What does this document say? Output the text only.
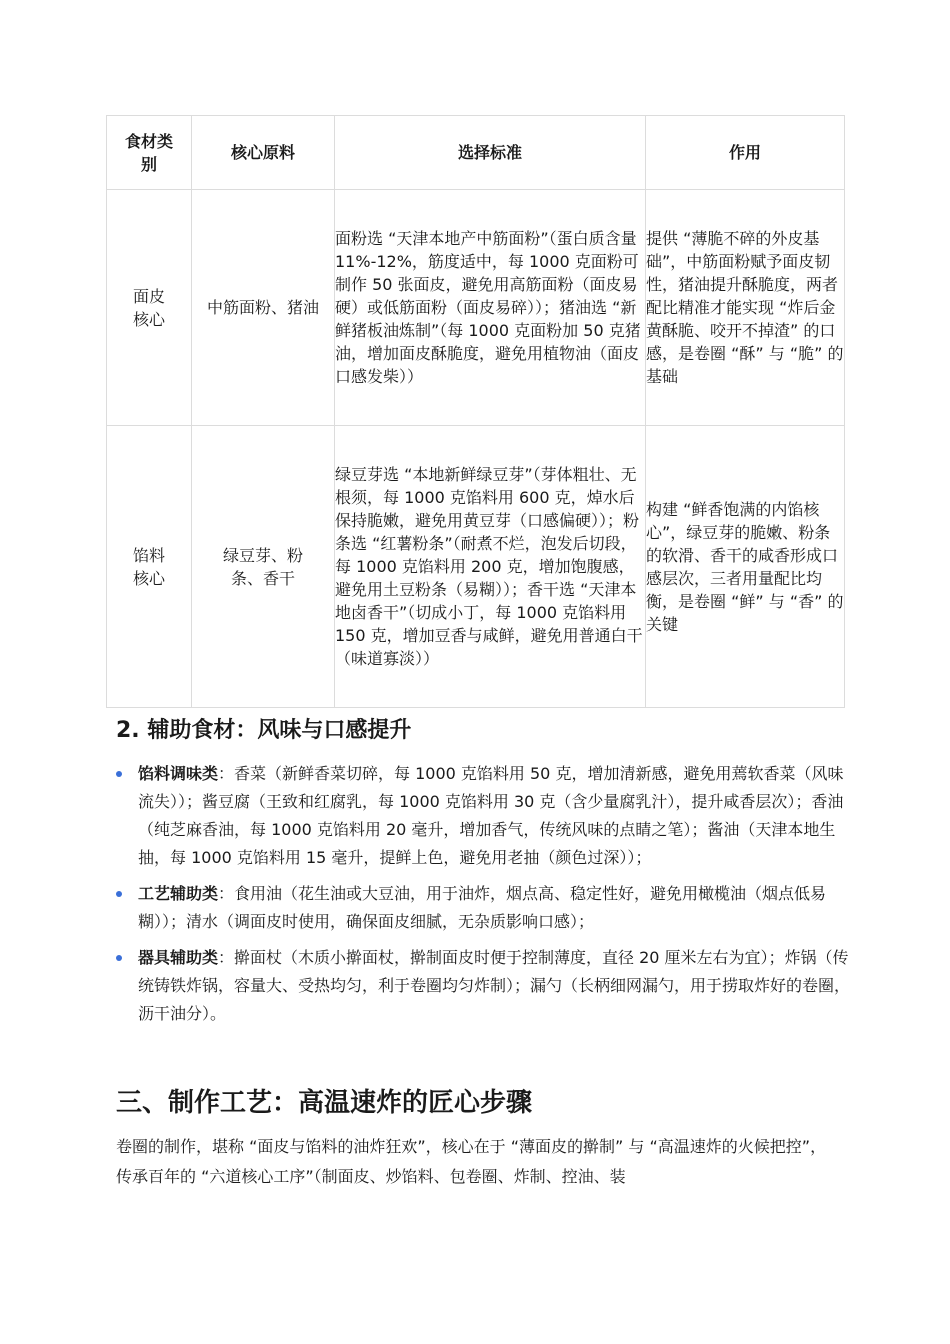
食材类别	核心原料	选择标准	作用
面皮核心	中筋面粉、猪油	面粉选 “天津本地产中筋面粉”（蛋白质含量 11%-12%，筋度适中，每 1000 克面粉可制作 50 张面皮，避免用高筋面粉（面皮易硬）或低筋面粉（面皮易碎））；猪油选 “新鲜猪板油炼制”（每 1000 克面粉加 50 克猪油，增加面皮酥脆度，避免用植物油（面皮口感发柴））	提供 “薄脆不碎的外皮基础”，中筋面粉赋予面皮韧性，猪油提升酥脆度，两者配比精准才能实现 “炸后金黄酥脆、咬开不掉渣” 的口感，是卷圈 “酥” 与 “脆” 的基础
馅料核心	绿豆芽、粉条、香干	绿豆芽选 “本地新鲜绿豆芽”（芽体粗壮、无根须，每 1000 克馅料用 600 克，焯水后保持脆嫩，避免用黄豆芽（口感偏硬））；粉条选 “红薯粉条”（耐煮不烂，泡发后切段，每 1000 克馅料用 200 克，增加饱腹感，避免用土豆粉条（易糊））；香干选 “天津本地卤香干”（切成小丁，每 1000 克馅料用 150 克，增加豆香与咸鲜，避免用普通白干（味道寡淡））	构建 “鲜香饱满的内馅核心”，绿豆芽的脆嫩、粉条的软滑、香干的咸香形成口感层次，三者用量配比均衡，是卷圈 “鲜” 与 “香” 的关键
2. 辅助食材：风味与口感提升
馅料调味类：香菜（新鲜香菜切碎，每 1000 克馅料用 50 克，增加清新感，避免用蔫软香菜（风味流失））；酱豆腐（王致和红腐乳，每 1000 克馅料用 30 克（含少量腐乳汁），提升咸香层次）；香油（纯芝麻香油，每 1000 克馅料用 20 毫升，增加香气，传统风味的点睛之笔）；酱油（天津本地生抽，每 1000 克馅料用 15 毫升，提鲜上色，避免用老抽（颜色过深））；
工艺辅助类：食用油（花生油或大豆油，用于油炸，烟点高、稳定性好，避免用橄榄油（烟点低易糊））；清水（调面皮时使用，确保面皮细腻，无杂质影响口感）；
器具辅助类：擀面杖（木质小擀面杖，擀制面皮时便于控制薄度，直径 20 厘米左右为宜）；炸锅（传统铸铁炸锅，容量大、受热均匀，利于卷圈均匀炸制）；漏勺（长柄细网漏勺，用于捞取炸好的卷圈，沥干油分）。
三、制作工艺：高温速炸的匠心步骤

卷圈的制作，堪称 “面皮与馅料的油炸狂欢”，核心在于 “薄面皮的擀制” 与 “高温速炸的火候把控”，传承百年的 “六道核心工序”（制面皮、炒馅料、包卷圈、炸制、控油、装
